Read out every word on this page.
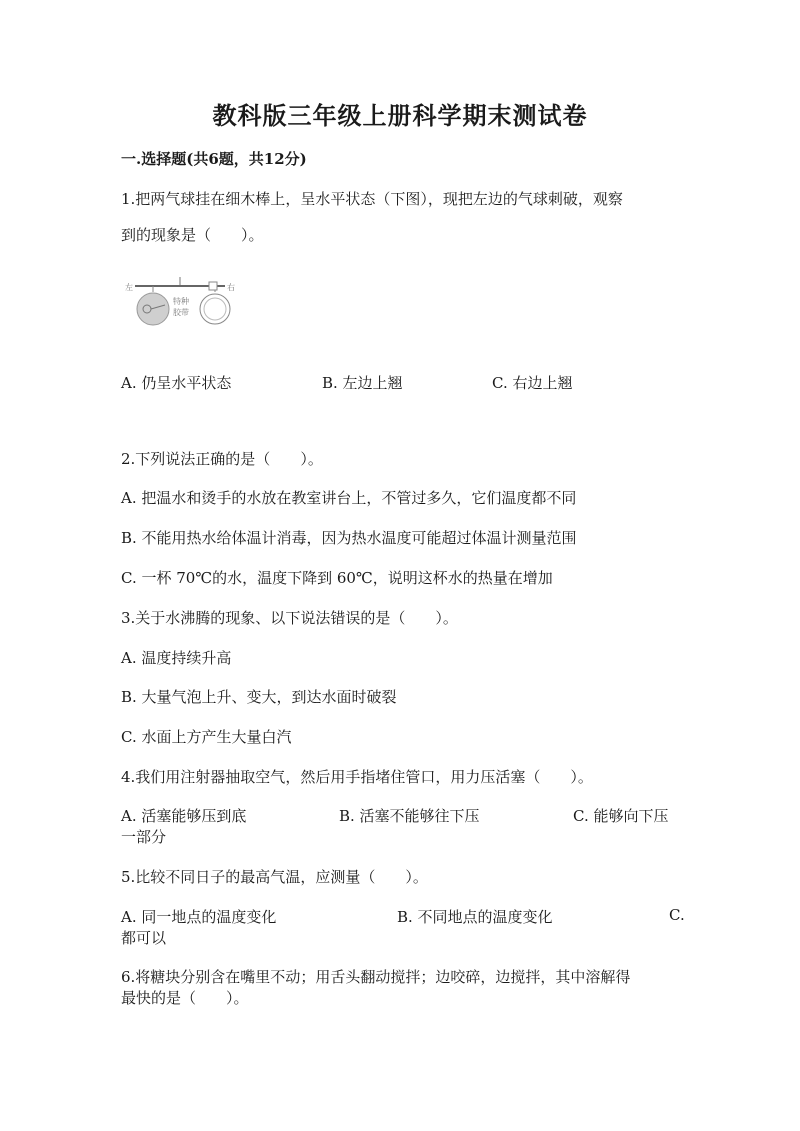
教科版三年级上册科学期末测试卷
一.选择题(共6题，共12分)
1.把两气球挂在细木棒上，呈水平状态（下图），现把左边的气球刺破，观察
到的现象是（　　）。
左	右
特种
胶带
A. 仍呈水平状态	B. 左边上翘	C. 右边上翘
2.下列说法正确的是（　　）。
A. 把温水和烫手的水放在教室讲台上，不管过多久，它们温度都不同
B. 不能用热水给体温计消毒，因为热水温度可能超过体温计测量范围
C. 一杯 70℃的水，温度下降到 60℃，说明这杯水的热量在增加
3.关于水沸腾的现象、以下说法错误的是（　　）。
A. 温度持续升高
B. 大量气泡上升、变大，到达水面时破裂
C. 水面上方产生大量白汽
4.我们用注射器抽取空气，然后用手指堵住管口，用力压活塞（　　）。
A. 活塞能够压到底	B. 活塞不能够往下压	C. 能够向下压
一部分
5.比较不同日子的最高气温，应测量（　　）。
A. 同一地点的温度变化	B. 不同地点的温度变化	C.
都可以
6.将糖块分别含在嘴里不动；用舌头翻动搅拌；边咬碎，边搅拌，其中溶解得
最快的是（　　）。
